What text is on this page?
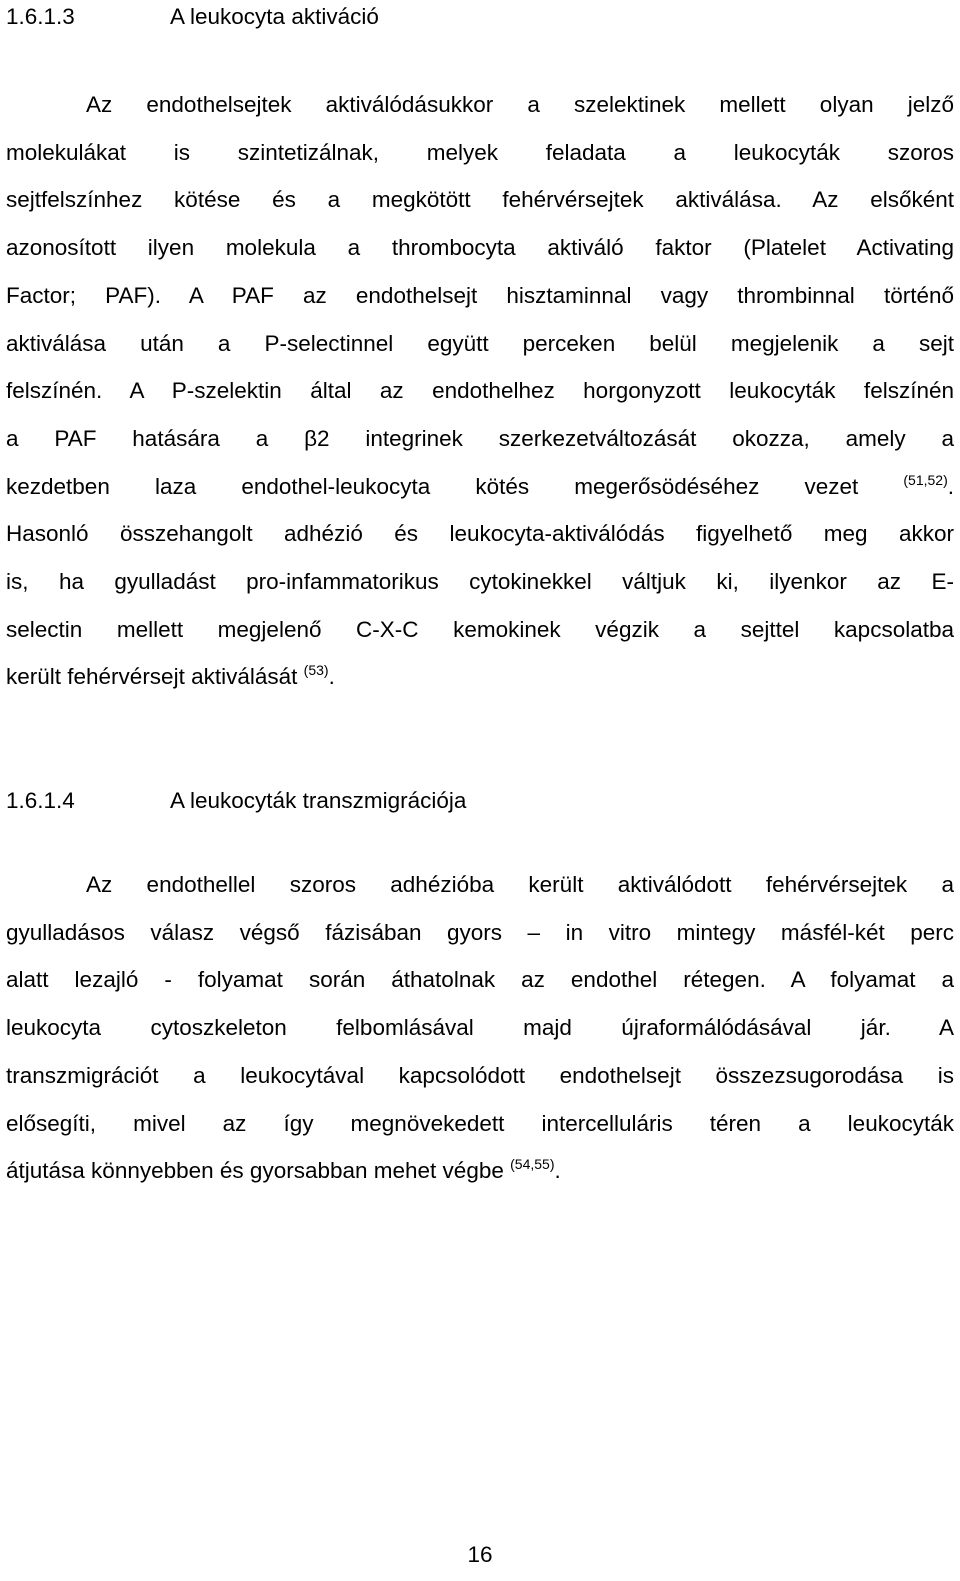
1.6.1.3	A leukocyta aktiváció
Az endothelsejtek aktiválódásukkor a szelektinek mellett olyan jelző
molekulákat is szintetizálnak, melyek feladata a leukocyták szoros
sejtfelszínhez kötése és a megkötött fehérvérsejtek aktiválása. Az elsőként
azonosított ilyen molekula a thrombocyta aktiváló faktor (Platelet Activating
Factor; PAF). A PAF az endothelsejt hisztaminnal vagy thrombinnal történő
aktiválása után a P-selectinnel együtt perceken belül megjelenik a sejt
felszínén. A P-szelektin által az endothelhez horgonyzott leukocyták felszínén
a PAF hatására a β2 integrinek szerkezetváltozását okozza, amely a
kezdetben laza endothel-leukocyta kötés megerősödéséhez vezet	$^{(51,52)}$.
Hasonló összehangolt adhézió és leukocyta-aktiválódás figyelhető meg akkor
is, ha gyulladást pro-infammatorikus cytokinekkel váltjuk ki, ilyenkor az E-
selectin mellett megjelenő C-X-C kemokinek végzik a sejttel kapcsolatba
került fehérvérsejt aktiválását $^{(53)}$.
1.6.1.4	A leukocyták transzmigrációja
Az endothellel szoros adhézióba került aktiválódott fehérvérsejtek a
gyulladásos válasz végső fázisában gyors – in vitro mintegy másfél-két perc
alatt lezajló - folyamat során áthatolnak az endothel rétegen. A folyamat a
leukocyta cytoszkeleton felbomlásával majd újraformálódásával jár. A
transzmigrációt a leukocytával kapcsolódott endothelsejt összezsugorodása is
elősegíti, mivel az így megnövekedett intercelluláris téren a leukocyták
átjutása könnyebben és gyorsabban mehet végbe $^{(54,55)}$.
16
